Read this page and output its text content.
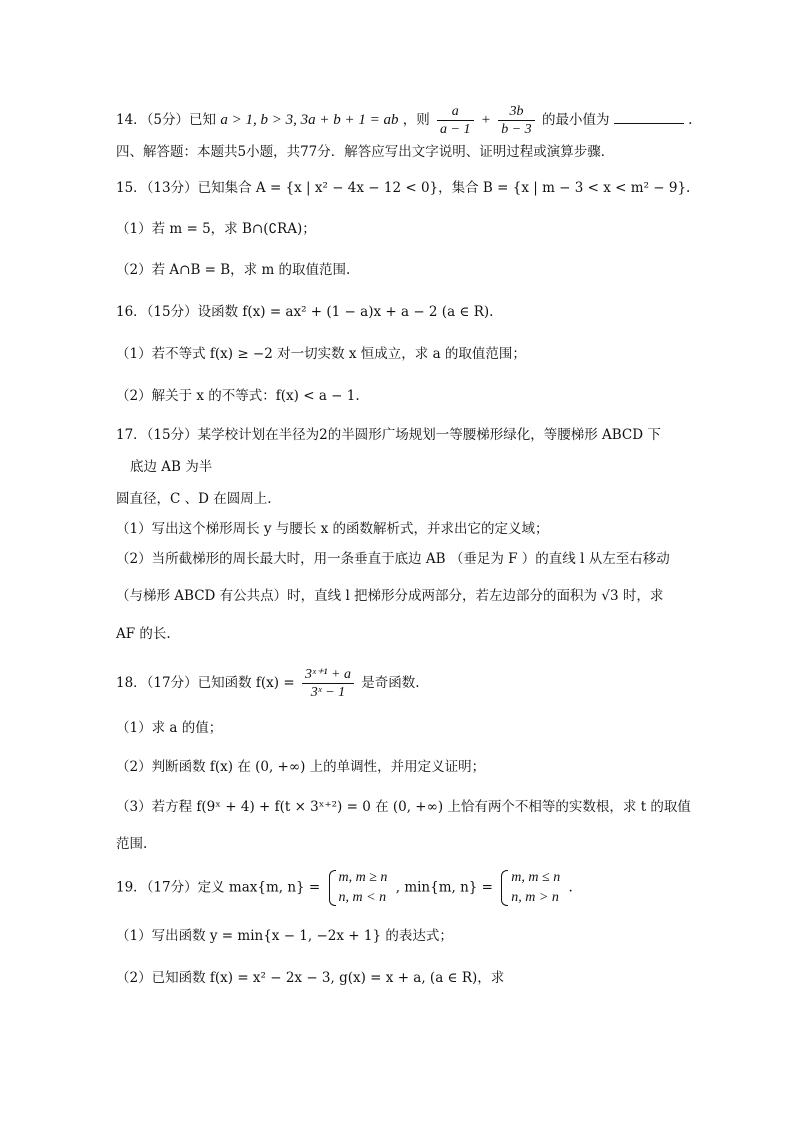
14．（5分）已知 a > 1, b > 3, 3a + b + 1 = ab ，则 $\frac{a}{a - 1} + \frac{3b}{b - 3}$ 的最小值为	.
四、解答题：本题共5小题，共77分．解答应写出文字说明、证明过程或演算步骤．
15．（13分）已知集合 A = {x | x² − 4x − 12 < 0}，集合 B = {x | m − 3 < x < m² − 9}.
（1）若 m = 5，求 B∩(∁RA)；
（2）若 A∩B = B，求 m 的取值范围.
16．（15分）设函数 f(x) = ax² + (1 − a)x + a − 2 (a ∈ R).
（1）若不等式 f(x) ≥ −2 对一切实数 x 恒成立，求 a 的取值范围；
（2）解关于 x 的不等式：f(x) < a − 1.
17．（15分）某学校计划在半径为2的半圆形广场规划一等腰梯形绿化，等腰梯形 ABCD 下
底边 AB 为半
圆直径，C 、D 在圆周上.
（1）写出这个梯形周长 y 与腰长 x 的函数解析式，并求出它的定义域；
（2）当所截梯形的周长最大时，用一条垂直于底边 AB （垂足为 F ）的直线 l 从左至右移动
（与梯形 ABCD 有公共点）时，直线 l 把梯形分成两部分，若左边部分的面积为 √3 时，求
AF 的长.
18．（17分）已知函数 $f(x) = \frac{\text{3ˣ⁺¹ + a}}{\text{3ˣ − 1}}$ 是奇函数.
（1）求 a 的值；
（2）判断函数 f(x) 在 (0, +∞) 上的单调性，并用定义证明；
（3）若方程 f(9ˣ + 4) + f(t × 3ˣ⁺²) = 0 在 (0, +∞) 上恰有两个不相等的实数根，求 t 的取值
范围.
19．（17分）定义 max{m, n} =
m, m ≥ n
n, m < n
, min{m, n} =
m, m ≤ n
n, m > n
.
（1）写出函数 y = min{x − 1, −2x + 1} 的表达式；
（2）已知函数 f(x) = x² − 2x − 3, g(x) = x + a, (a ∈ R)，求
